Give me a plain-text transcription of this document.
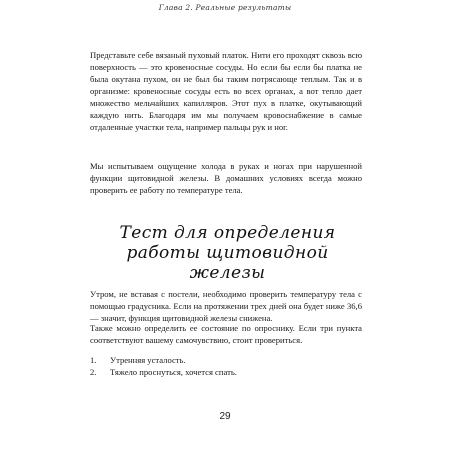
Глава 2. Реальные результаты

Представьте себе вязаный пуховый платок. Нити его проходят сквозь всю поверхность — это кровеносные сосуды. Но если бы если бы платка не была окутана пухом, он не был бы таким потрясающе теплым. Так и в организме: кровеносные сосуды есть во всех органах, а вот тепло дает множество мельчайших капилляров. Этот пух в платке, окутывающий каждую нить. Благодаря им мы получаем кровоснабжение в самые отдаленные участки тела, например пальцы рук и ног.

Мы испытываем ощущение холода в руках и ногах при нарушенной функции щитовидной железы. В домашних условиях всегда можно проверить ее работу по температуре тела.

Тест для определения работы щитовидной железы

Утром, не вставая с постели, необходимо проверить температуру тела с помощью градусника. Если на протяжении трех дней она будет ниже 36,6 — значит, функция щитовидной железы снижена.

Также можно определить ее состояние по опроснику. Если три пункта соответствуют вашему самочувствию, стоит провериться.

1.	Утренняя усталость.
2.	Тяжело проснуться, хочется спать.
29
